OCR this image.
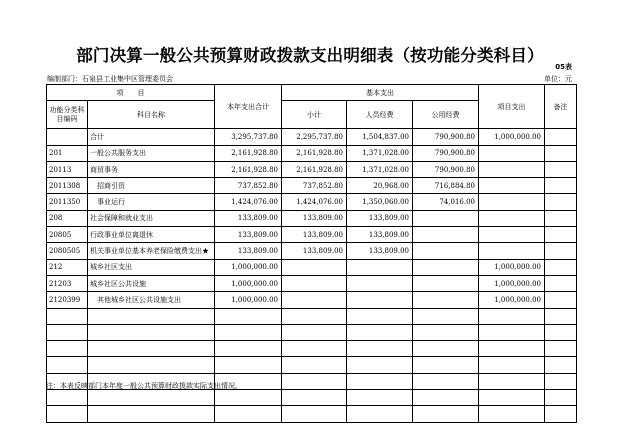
部门决算一般公共预算财政拨款支出明细表（按功能分类科目）
05表
编制部门：石泉县工业集中区管理委员会	单位：元
项　　目		本年支出合计	基本支出			项目支出	备注
功能分类科目编码	科目名称		小计	人员经费	公用经费		
	合计	3,295,737.80	2,295,737.80	1,504,837.00	790,900.80	1,000,000.00	
201	一般公共服务支出	2,161,928.80	2,161,928.80	1,371,028.00	790,900.80		
20113	商贸事务	2,161,928.80	2,161,928.80	1,371,028.00	790,900.80		
2011308	招商引资	737,852.80	737,852.80	20,968.00	716,884.80		
2011350	事业运行	1,424,076.00	1,424,076.00	1,350,060.00	74,016.00		
208	社会保障和就业支出	133,809.00	133,809.00	133,809.00			
20805	行政事业单位离退休	133,809.00	133,809.00	133,809.00			
2080505	机关事业单位基本养老保险缴费支出★	133,809.00	133,809.00	133,809.00			
212	城乡社区支出	1,000,000.00				1,000,000.00	
21203	城乡社区公共设施	1,000,000.00				1,000,000.00	
2120399	其他城乡社区公共设施支出	1,000,000.00				1,000,000.00	

注：本表反映部门本年度一般公共预算财政拨款实际支出情况。
